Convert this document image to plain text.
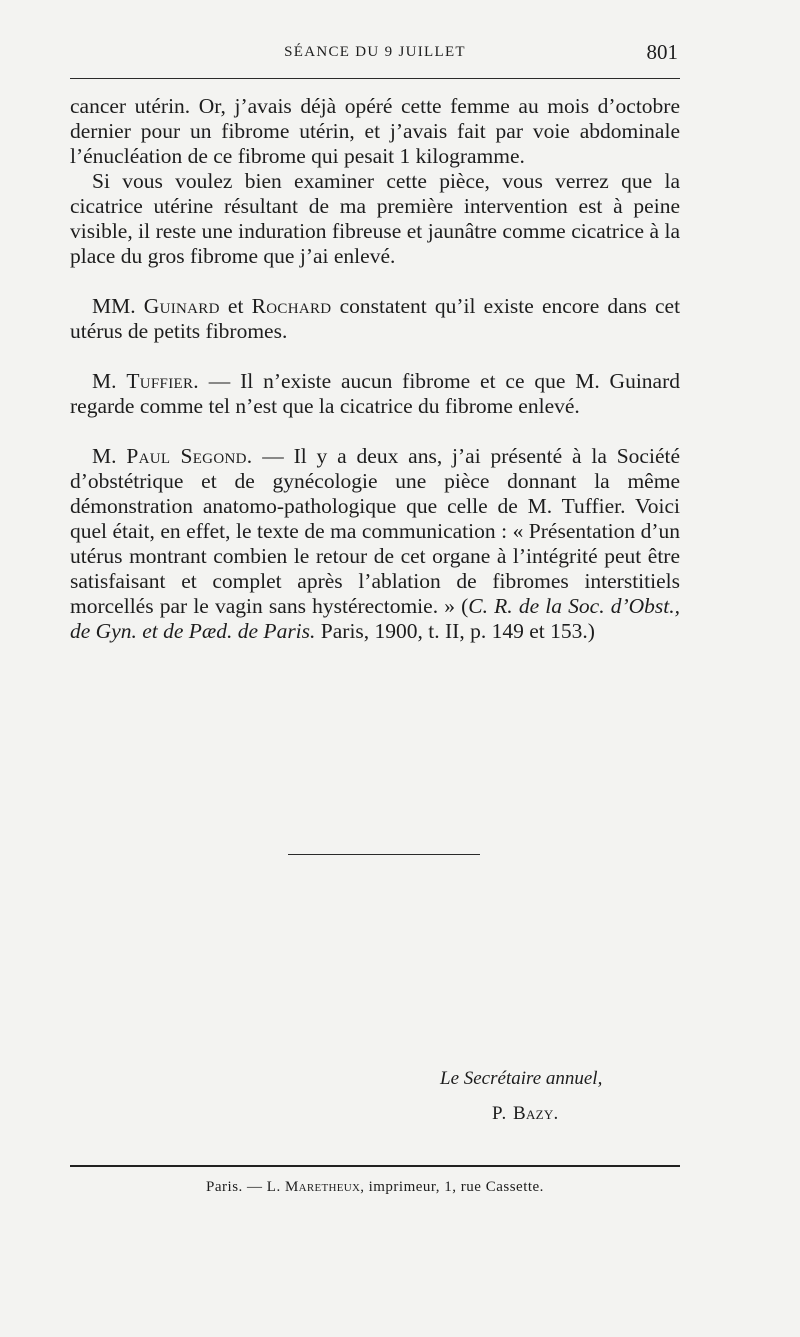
SÉANCE DU 9 JUILLET	801

cancer utérin. Or, j’avais déjà opéré cette femme au mois d’octobre dernier pour un fibrome utérin, et j’avais fait par voie abdominale l’énucléation de ce fibrome qui pesait 1 kilogramme.

Si vous voulez bien examiner cette pièce, vous verrez que la cicatrice utérine résultant de ma première intervention est à peine visible, il reste une induration fibreuse et jaunâtre comme cicatrice à la place du gros fibrome que j’ai enlevé.

MM. Guinard et Rochard constatent qu’il existe encore dans cet utérus de petits fibromes.

M. Tuffier. — Il n’existe aucun fibrome et ce que M. Guinard regarde comme tel n’est que la cicatrice du fibrome enlevé.

M. Paul Segond. — Il y a deux ans, j’ai présenté à la Société d’obstétrique et de gynécologie une pièce donnant la même démonstration anatomo-pathologique que celle de M. Tuffier. Voici quel était, en effet, le texte de ma communication : « Présentation d’un utérus montrant combien le retour de cet organe à l’intégrité peut être satisfaisant et complet après l’ablation de fibromes interstitiels morcellés par le vagin sans hystérectomie. » (C. R. de la Soc. d’Obst., de Gyn. et de Pæd. de Paris. Paris, 1900, t. II, p. 149 et 153.)

Le Secrétaire annuel,
P. Bazy.
Paris. — L. Maretheux, imprimeur, 1, rue Cassette.
